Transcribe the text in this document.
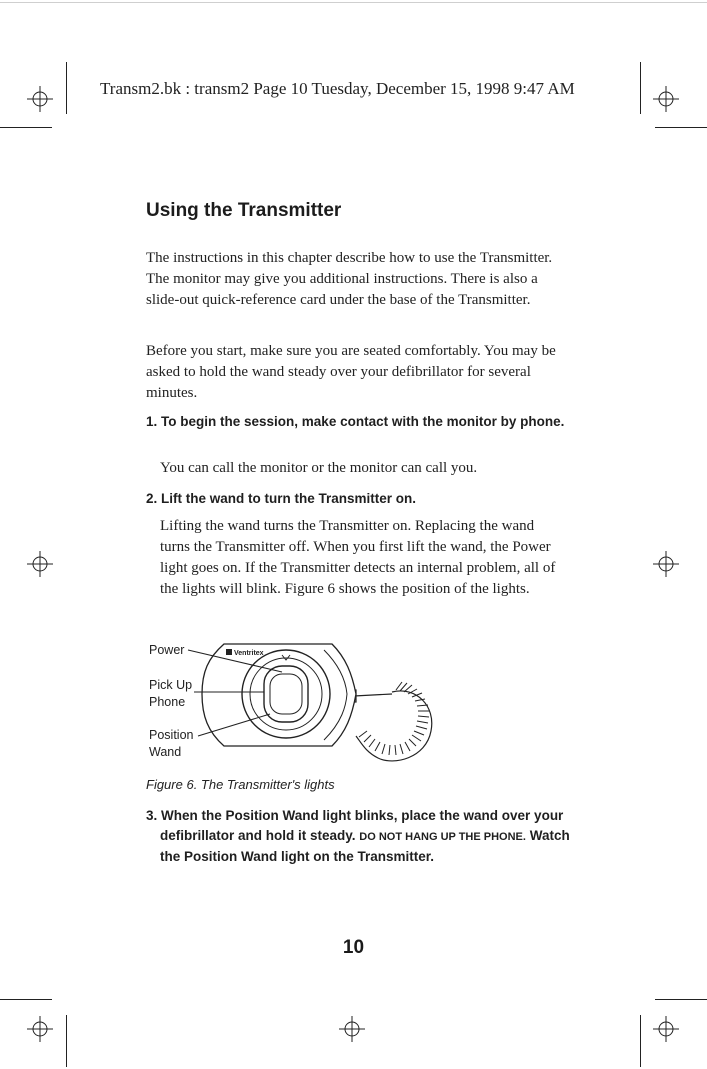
Transm2.bk : transm2 Page 10 Tuesday, December 15, 1998 9:47 AM
Using the Transmitter

The instructions in this chapter describe how to use the Transmitter. The monitor may give you additional instructions. There is also a slide-out quick-reference card under the base of the Transmitter.

Before you start, make sure you are seated comfortably. You may be asked to hold the wand steady over your defibrillator for several minutes.

1. To begin the session, make contact with the monitor by phone.

You can call the monitor or the monitor can call you.

2. Lift the wand to turn the Transmitter on.

Lifting the wand turns the Transmitter on. Replacing the wand turns the Transmitter off. When you first lift the wand, the Power light goes on. If the Transmitter detects an internal problem, all of the lights will blink. Figure 6 shows the position of the lights.

Power
Pick Up
Phone
Position
Wand
Ventritex

Figure 6. The Transmitter's lights

3. When the Position Wand light blinks, place the wand over your defibrillator and hold it steady. DO NOT HANG UP THE PHONE. Watch the Position Wand light on the Transmitter.

10
